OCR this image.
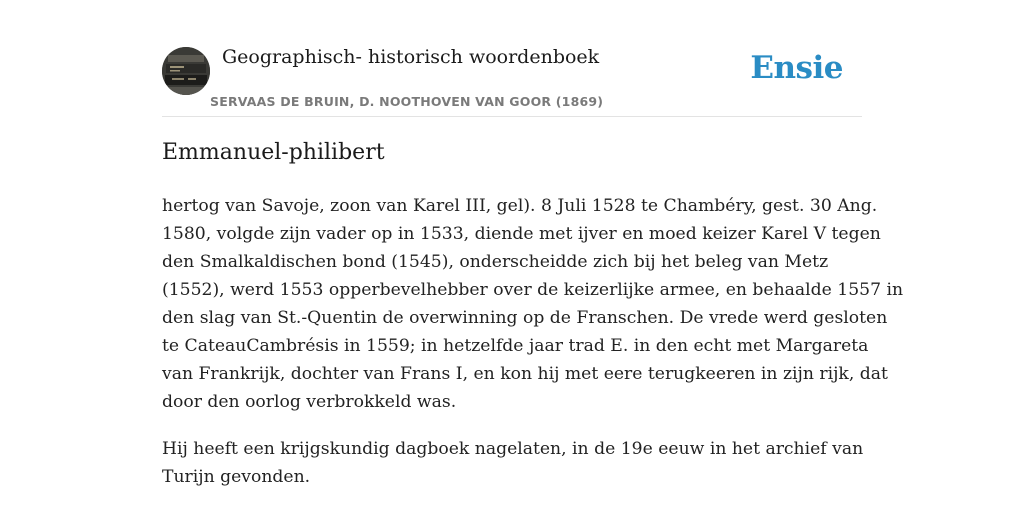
Geographisch- historisch woordenboek
SERVAAS DE BRUIN, D. NOOTHOVEN VAN GOOR (1869)
Ensie
Emmanuel-philibert

hertog van Savoje, zoon van Karel III, gel). 8 Juli 1528 te Chambéry, gest. 30 Ang.
1580, volgde zijn vader op in 1533, diende met ijver en moed keizer Karel V tegen
den Smalkaldischen bond (1545), onderscheidde zich bij het beleg van Metz
(1552), werd 1553 opperbevelhebber over de keizerlijke armee, en behaalde 1557 in
den slag van St.-Quentin de overwinning op de Franschen. De vrede werd gesloten
te CateauCambrésis in 1559; in hetzelfde jaar trad E. in den echt met Margareta
van Frankrijk, dochter van Frans I, en kon hij met eere terugkeeren in zijn rijk, dat
door den oorlog verbrokkeld was.

Hij heeft een krijgskundig dagboek nagelaten, in de 19e eeuw in het archief van
Turijn gevonden.
